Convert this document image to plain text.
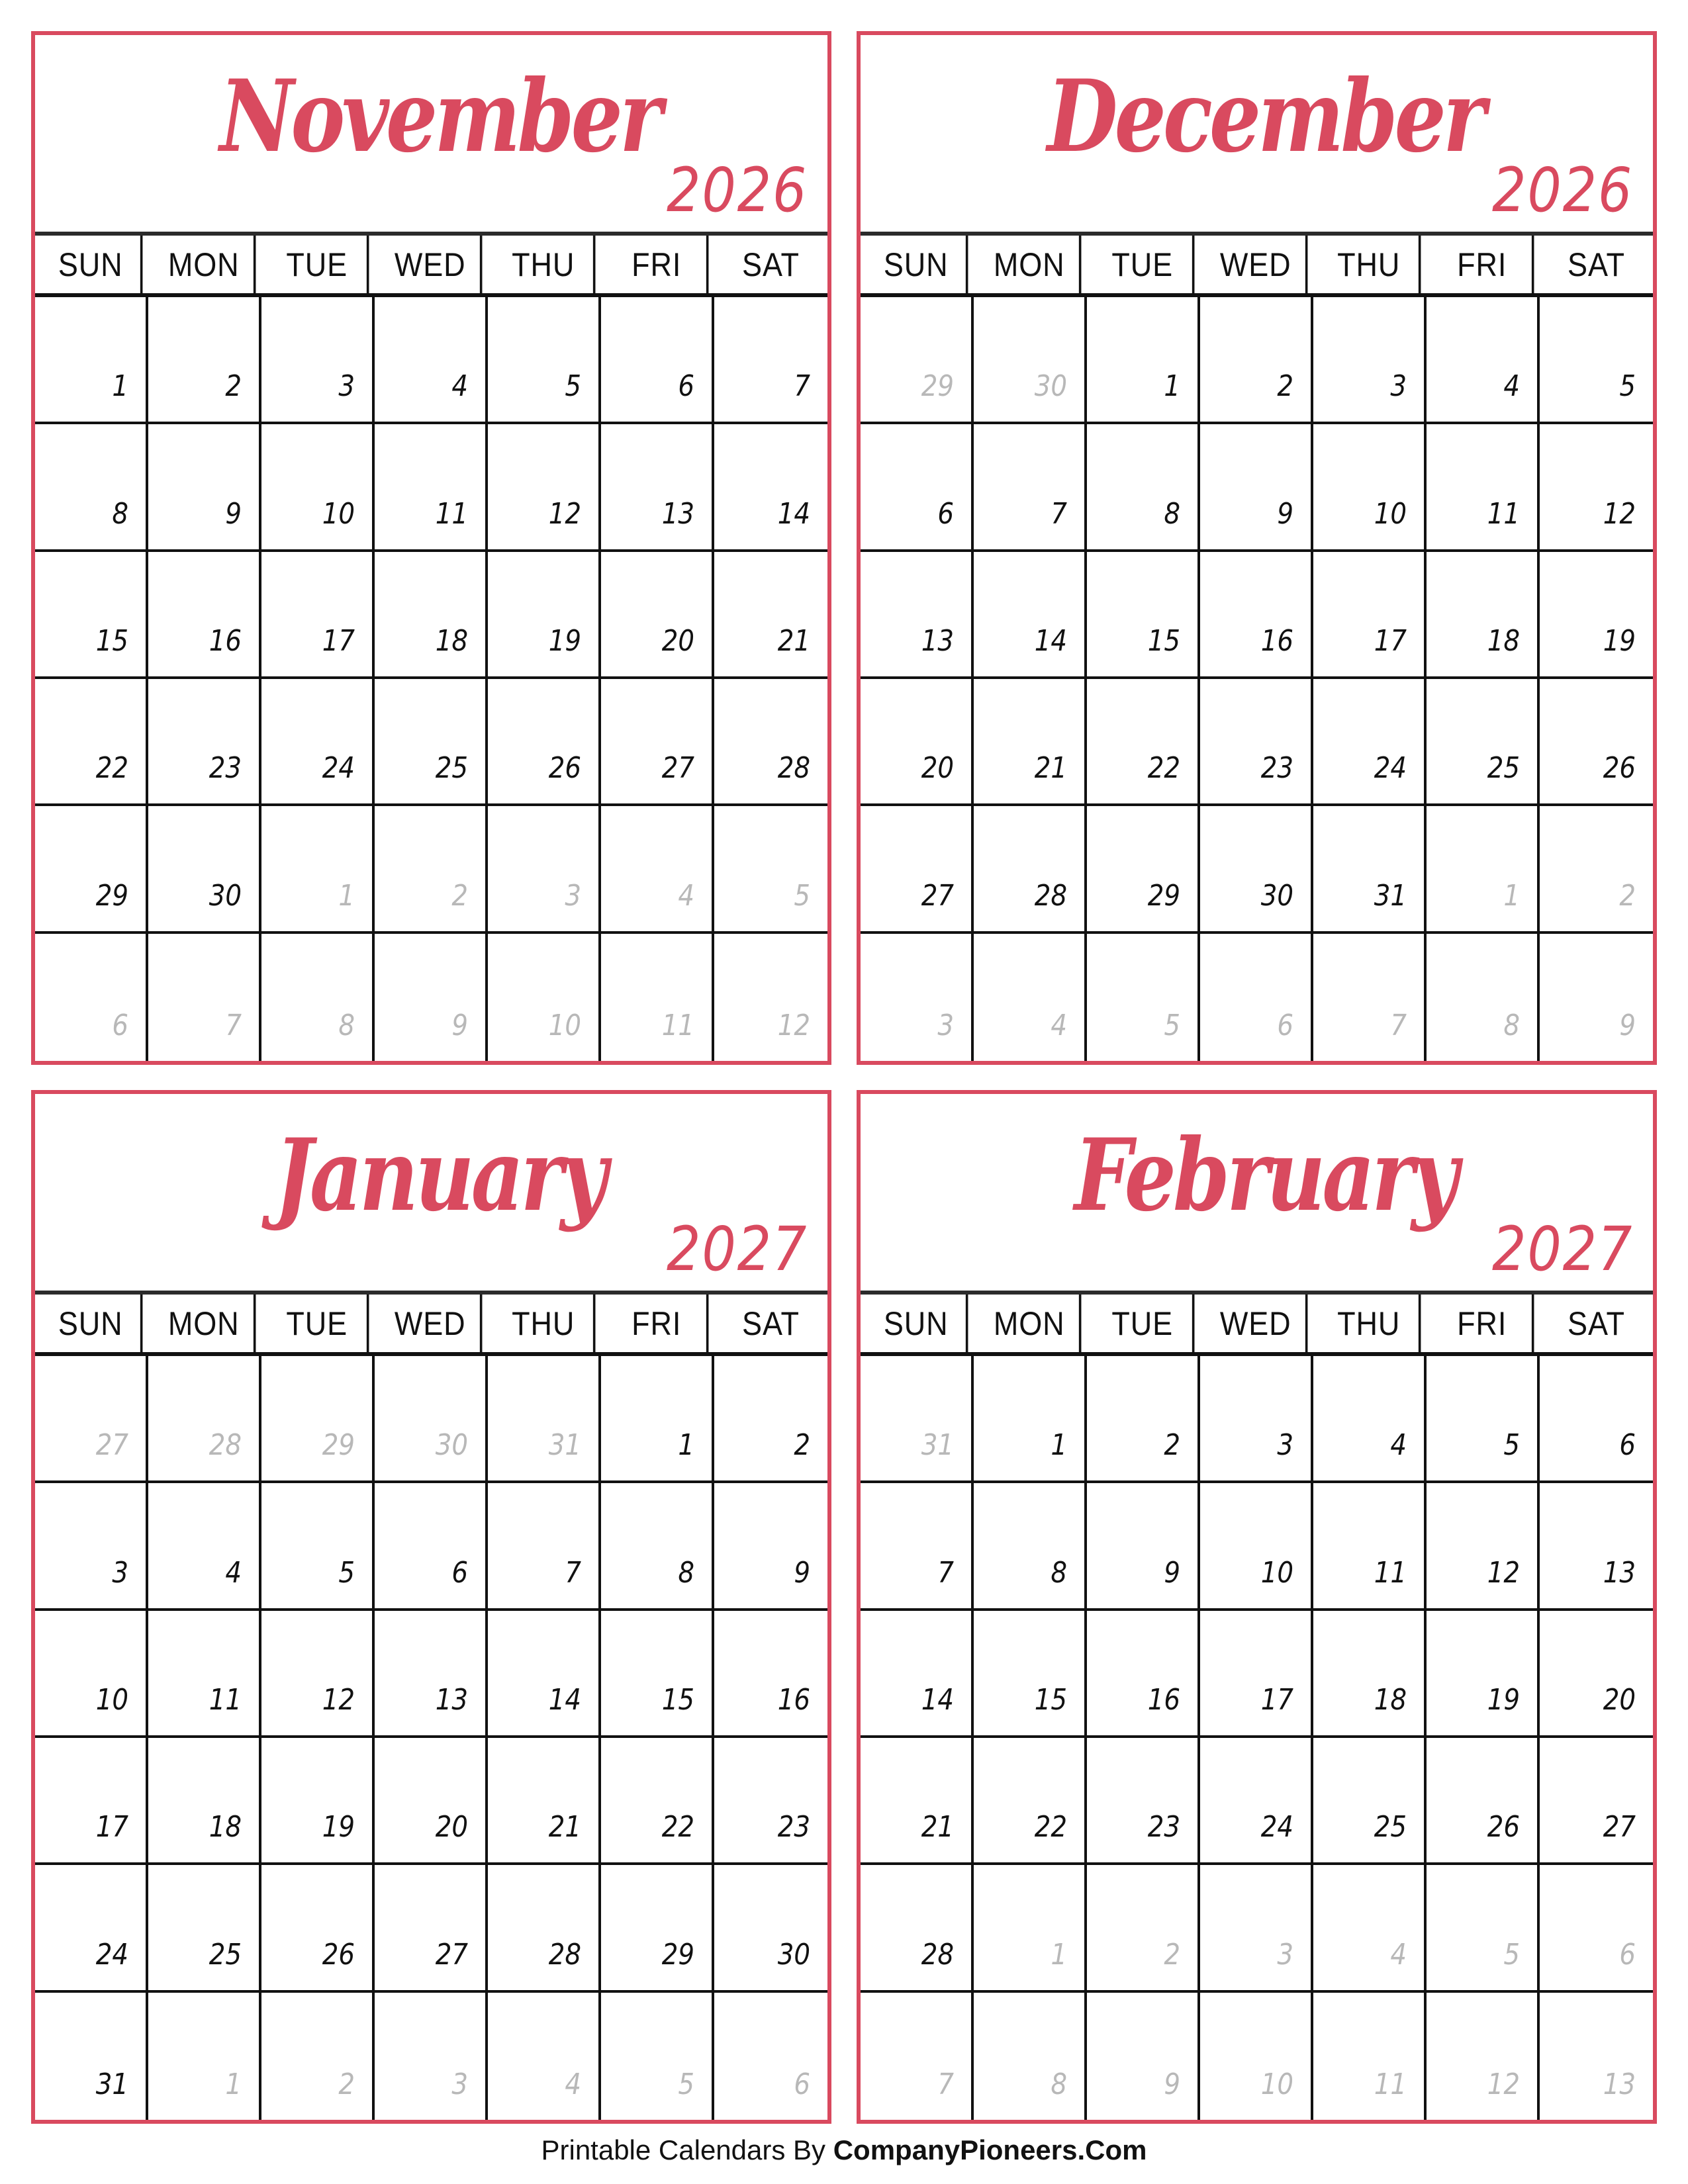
November
2026
SUN	MON	TUE	WED	THU	FRI	SAT
1	2	3	4	5	6	7
8	9	10	11	12	13	14
15	16	17	18	19	20	21
22	23	24	25	26	27	28
29	30	1	2	3	4	5
6	7	8	9	10	11	12
December
2026
SUN	MON	TUE	WED	THU	FRI	SAT
29	30	1	2	3	4	5
6	7	8	9	10	11	12
13	14	15	16	17	18	19
20	21	22	23	24	25	26
27	28	29	30	31	1	2
3	4	5	6	7	8	9
January
2027
SUN	MON	TUE	WED	THU	FRI	SAT
27	28	29	30	31	1	2
3	4	5	6	7	8	9
10	11	12	13	14	15	16
17	18	19	20	21	22	23
24	25	26	27	28	29	30
31	1	2	3	4	5	6
February
2027
SUN	MON	TUE	WED	THU	FRI	SAT
31	1	2	3	4	5	6
7	8	9	10	11	12	13
14	15	16	17	18	19	20
21	22	23	24	25	26	27
28	1	2	3	4	5	6
7	8	9	10	11	12	13
Printable Calendars By CompanyPioneers.Com
